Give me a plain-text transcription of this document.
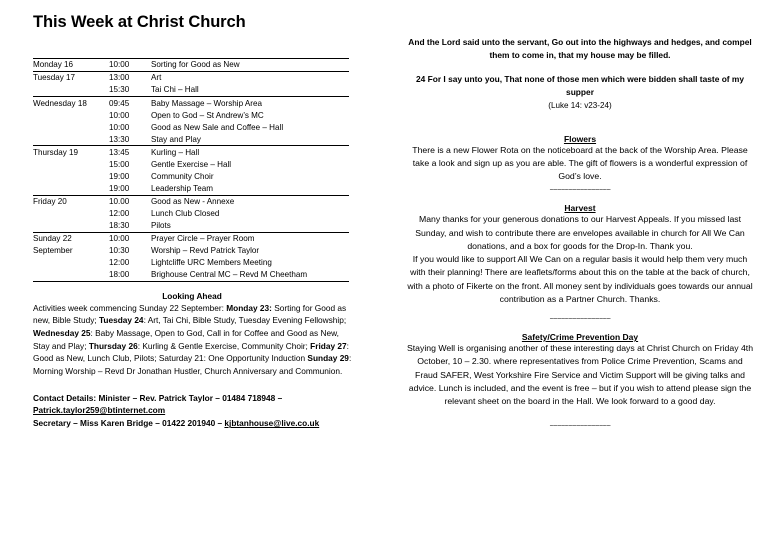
This Week at Christ Church
Monday 16	10:00	Sorting for Good as New
Tuesday 17	13:00	Art
	15:30	Tai Chi – Hall
Wednesday 18	09:45	Baby Massage – Worship Area
	10:00	Open to God – St Andrew’s MC
	10:00	Good as New Sale and Coffee – Hall
	13:30	Stay and Play
Thursday 19	13:45	Kurling – Hall
	15:00	Gentle Exercise – Hall
	19:00	Community Choir
	19:00	Leadership Team
Friday 20	10.00	Good as New - Annexe
	12:00	Lunch Club Closed
	18:30	Pilots
Sunday 22	10:00	Prayer Circle – Prayer Room
September	10:30	Worship – Revd Patrick Taylor
	12:00	Lightcliffe URC Members Meeting
	18:00	Brighouse Central MC – Revd M Cheetham
Looking Ahead
Activities week commencing Sunday 22 September: Monday 23: Sorting for Good as new, Bible Study; Tuesday 24: Art, Tai Chi, Bible Study, Tuesday Evening Fellowship; Wednesday 25: Baby Massage, Open to God, Call in for Coffee and Good as New, Stay and Play; Thursday 26: Kurling & Gentle Exercise, Community Choir; Friday 27: Good as New, Lunch Club, Pilots; Saturday 21: One Opportunity Induction Sunday 29: Morning Worship – Revd Dr Jonathan Hustler, Church Anniversary and Communion.
Contact Details: Minister – Rev. Patrick Taylor – 01484 718948 –
Patrick.taylor259@btinternet.com
Secretary – Miss Karen Bridge – 01422 201940 – kjbtanhouse@live.co.uk
And the Lord said unto the servant, Go out into the highways and hedges, and compel them to come in, that my house may be filled.
24 For I say unto you, That none of those men which were bidden shall taste of my supper
(Luke 14: v23-24)
Flowers
There is a new Flower Rota on the noticeboard at the back of the Worship Area. Please take a look and sign up as you are able. The gift of flowers is a wonderful expression of God’s love.
~~~~~~~~~~~~~~~~
Harvest
Many thanks for your generous donations to our Harvest Appeals. If you missed last Sunday, and wish to contribute there are envelopes available in church for All We Can donations, and a box for goods for the Drop-In. Thank you.
If you would like to support All We Can on a regular basis it would help them very much with their planning! There are leaflets/forms about this on the table at the back of church, with a photo of Fikerte on the front. All money sent by individuals goes towards our annual contribution as a Partner Church. Thanks.
~~~~~~~~~~~~~~~~
Safety/Crime Prevention Day
Staying Well is organising another of these interesting days at Christ Church on Friday 4th October, 10 – 2.30. where representatives from Police Crime Prevention, Scams and Fraud SAFER, West Yorkshire Fire Service and Victim Support will be giving talks and advice. Lunch is included, and the event is free – but if you wish to attend please sign the relevant sheet on the board in the Hall. We look forward to a good day.
~~~~~~~~~~~~~~~~
